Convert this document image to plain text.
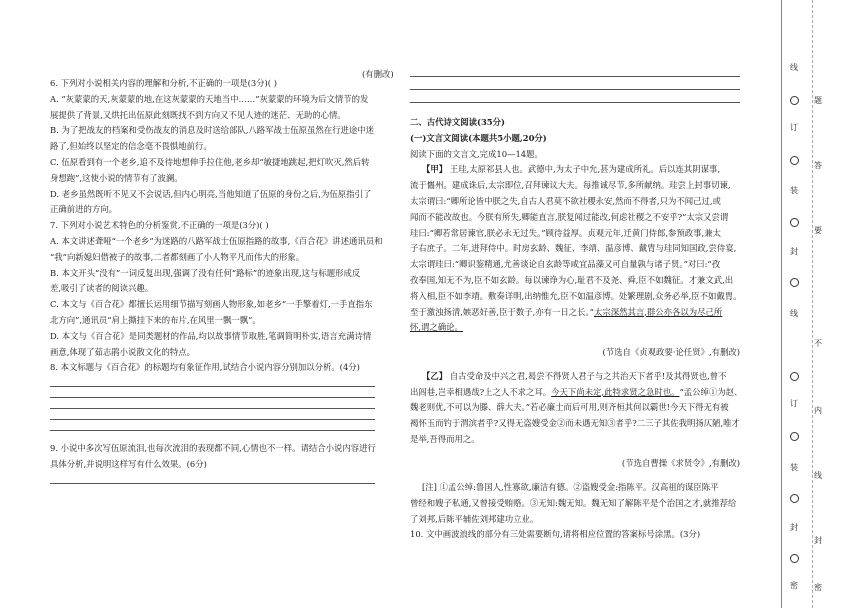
(有删改)

6. 下列对小说相关内容的理解和分析,不正确的一项是(3分)( )

A. “灰蒙蒙的天,灰蒙蒙的地,在这灰蒙蒙的天地当中……”灰蒙蒙的环境为后文情节的发

展提供了背景,又烘托出伍原此刻既找不到方向又不见人迹的迷茫、无助的心情。

B. 为了把战友的档案和受伤战友的消息及时送给部队,八路军战士伍原虽然在行进途中迷

路了,但始终以坚定的信念毫不畏惧地前行。

C. 伍原看到有一个老乡,追不及待地想伸手拉住他,老乡却“敏捷地跳起,把灯吹灭,然后转

身想跑”,这使小说的情节有了波澜。

D. 老乡虽然既听不见又不会说话,但内心明亮,当他知道了伍原的身份之后,为伍原指引了

正确前进的方向。

7. 下列对小说艺术特色的分析鉴赏,不正确的一项是(3分)( )

A. 本文讲述聋哑“一个老乡”为迷路的八路军战士伍原指路的故事,《百合花》讲述通讯员和

“我”向新媳妇借被子的故事,二者都刻画了小人物平凡而伟大的形象。

B. 本文开头“没有”一词反复出现,强调了没有任何“路标”的迹象出现,这与标题形成反

差,吸引了读者的阅读兴趣。

C. 本文与《百合花》都擅长运用细节描写刻画人物形象,如老乡“一手擎着灯,一手直指东

北方向”,通讯员“肩上撕挂下来的布片,在风里一飘一飘”。

D. 本文与《百合花》是同类题材的作品,均以故事情节取胜,笔调简明朴实,语言充满诗情

画意,体现了茹志鹃小说散文化的特点。

8. 本文标题与《百合花》的标题均有象征作用,试结合小说内容分别加以分析。(4分)

9. 小说中多次写伍原流泪,也每次流泪的表现都不同,心情也不一样。请结合小说内容进行

具体分析,并说明这样写有什么效果。(6分)

二、古代诗文阅读(35分)

(一)文言文阅读(本题共5小题,20分)

阅读下面的文言文,完成10—14题。

【甲】 王珪,太原祁县人也。武德中,为太子中允,甚为建成所礼。后以连其阴谋事,

流于巂州。建成诛后,太宗即位,召拜谏议大夫。每推诚尽节,多所献纳。珪尝上封事切谏,

太宗谓曰:“卿所论皆中朕之失,自古人君莫不欲社稷永安,然而不得者,只为不闻己过,或

闻而不能改故也。今朕有所失,卿能直言,朕复闻过能改,何虑社稷之不安乎?”太宗又尝谓

珪曰:“卿若常居谏官,朕必永无过失。”顾待益厚。贞观元年,迁黄门侍郎,参预政事,兼太

子右庶子。二年,进拜侍中。时房玄龄、魏征、李靖、温彦博、戴胄与珪同知国政,尝侍宴,

太宗谓珪曰:“卿识鉴精通,尤善谈论自玄龄等咸宜品藻又可自量孰与诸子贤。”对曰:“孜

孜奉国,知无不为,臣不如玄龄。每以谏诤为心,耻君不及尧、舜,臣不如魏征。才兼文武,出

将入相,臣不如李靖。敷奏详明,出纳惟允,臣不如温彦博。处繁理剧,众务必举,臣不如戴胄。

至于激浊扬清,嫉恶好善,臣于数子,亦有一日之长。”太宗深然其言,群公亦各以为尽己所

怀,谓之确论。

(节选自《贞观政要·论任贤》,有删改)

【乙】 自古受命及中兴之君,曷尝不得贤人君子与之共治天下者乎!及其得贤也,曾不

出闾巷,岂幸相遇哉?上之人不求之耳。今天下尚未定,此特求贤之急时也。“孟公绰①为赵、

魏老则优,不可以为滕、薛大夫。”若必廉士而后可用,则齐桓其何以霸世!今天下得无有被

褐怀玉而钓于渭滨者乎?又得无盗嫂受金②而未遇无知③者乎?二三子其佐我明扬仄陋,唯才

是举,吾得而用之。

(节选自曹操《求贤令》,有删改)

[注] ①孟公绰:鲁国人,性寡欲,廉洁有德。②盗嫂受金:指陈平。汉高祖的谋臣陈平

曾经和嫂子私通,又曾接受贿赂。③无知:魏无知。魏无知了解陈平是个治国之才,就推荐给

了刘邦,后陈平辅佐刘邦建功立业。

10. 文中画波浪线的部分有三处需要断句,请将相应位置的答案标号涂黑。(3分)

线
订
装
封
线
订
装
封
密
题
答
要
不
内
线
封
密
